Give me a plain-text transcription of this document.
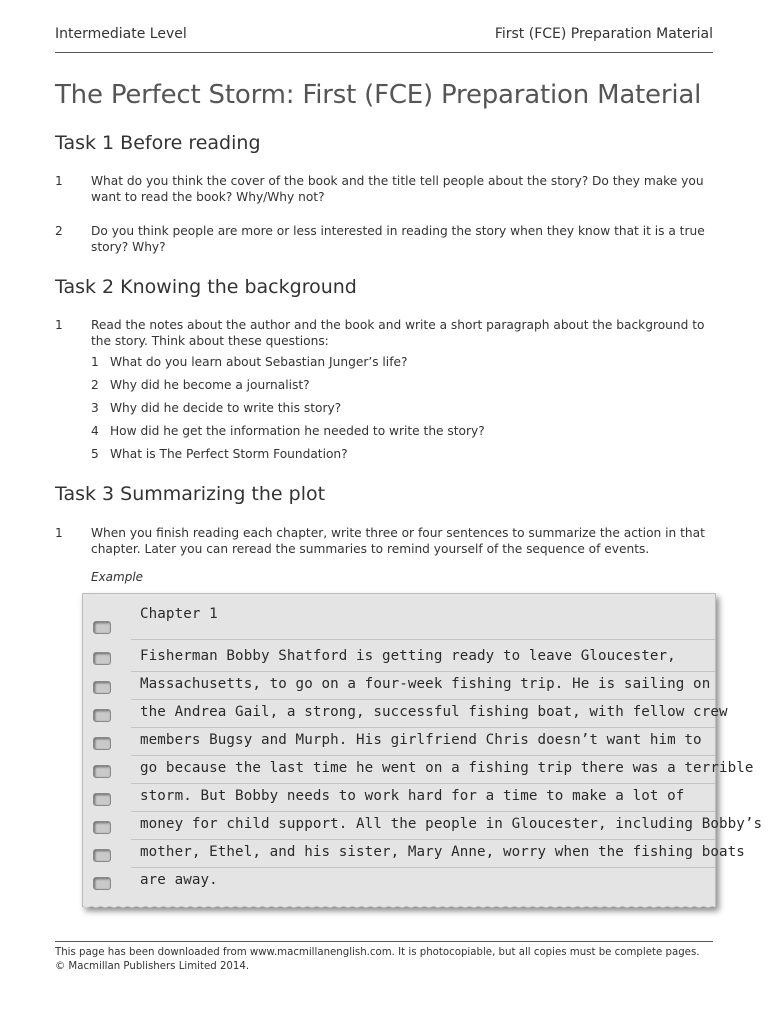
Intermediate Level	First (FCE) Preparation Material
The Perfect Storm: First (FCE) Preparation Material
Task 1 Before reading
1 What do you think the cover of the book and the title tell people about the story? Do they make you want to read the book? Why/Why not?
2 Do you think people are more or less interested in reading the story when they know that it is a true story? Why?
Task 2 Knowing the background
1 Read the notes about the author and the book and write a short paragraph about the background to the story. Think about these questions:
1 What do you learn about Sebastian Junger’s life?
2 Why did he become a journalist?
3 Why did he decide to write this story?
4 How did he get the information he needed to write the story?
5 What is The Perfect Storm Foundation?
Task 3 Summarizing the plot
1 When you finish reading each chapter, write three or four sentences to summarize the action in that chapter. Later you can reread the summaries to remind yourself of the sequence of events.
Example
Chapter 1
Fisherman Bobby Shatford is getting ready to leave Gloucester,
Massachusetts, to go on a four-week fishing trip. He is sailing on
the Andrea Gail, a strong, successful fishing boat, with fellow crew
members Bugsy and Murph. His girlfriend Chris doesn’t want him to
go because the last time he went on a fishing trip there was a terrible
storm. But Bobby needs to work hard for a time to make a lot of
money for child support. All the people in Gloucester, including Bobby’s
mother, Ethel, and his sister, Mary Anne, worry when the fishing boats
are away.
This page has been downloaded from www.macmillanenglish.com. It is photocopiable, but all copies must be complete pages.
© Macmillan Publishers Limited 2014.
